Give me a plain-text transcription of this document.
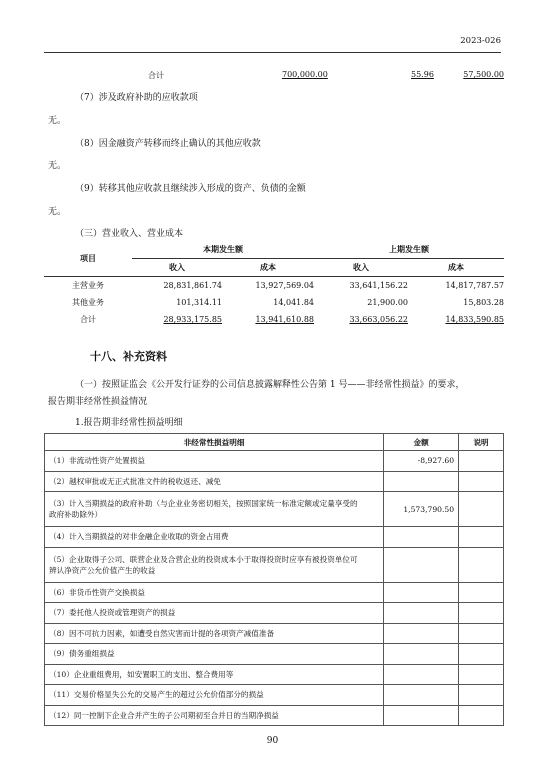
2023-026
合计	700,000.00	55.96	57,500.00
（7）涉及政府补助的应收款项
无。
（8）因金融资产转移而终止确认的其他应收款
无。
（9）转移其他应收款且继续涉入形成的资产、负债的金额
无。
（三）营业收入、营业成本
项目	本期发生额		上期发生额	
	收入	成本	收入	成本
主营业务	28,831,861.74	13,927,569.04	33,641,156.22	14,817,787.57
其他业务	101,314.11	14,041.84	21,900.00	15,803.28
合计	28,933,175.85	13,941,610.88	33,663,056.22	14,833,590.85
十八、补充资料
（一）按照证监会《公开发行证券的公司信息披露解释性公告第 1 号——非经常性损益》的要求，
报告期非经常性损益情况
1.报告期非经常性损益明细
非经常性损益明细	金额	说明
（1）非流动性资产处置损益	-8,927.60	
（2）越权审批或无正式批准文件的税收返还、减免		
（3）计入当期损益的政府补助（与企业业务密切相关，按照国家统一标准定额或定量享受的
政府补助除外）	1,573,790.50	
（4）计入当期损益的对非金融企业收取的资金占用费		
（5）企业取得子公司、联营企业及合营企业的投资成本小于取得投资时应享有被投资单位可
辨认净资产公允价值产生的收益		
（6）非货币性资产交换损益		
（7）委托他人投资或管理资产的损益		
（8）因不可抗力因素，如遭受自然灾害而计提的各项资产减值准备		
（9）债务重组损益		
（10）企业重组费用，如安置职工的支出、整合费用等		
（11）交易价格显失公允的交易产生的超过公允价值部分的损益		
（12）同一控制下企业合并产生的子公司期初至合并日的当期净损益		
90
